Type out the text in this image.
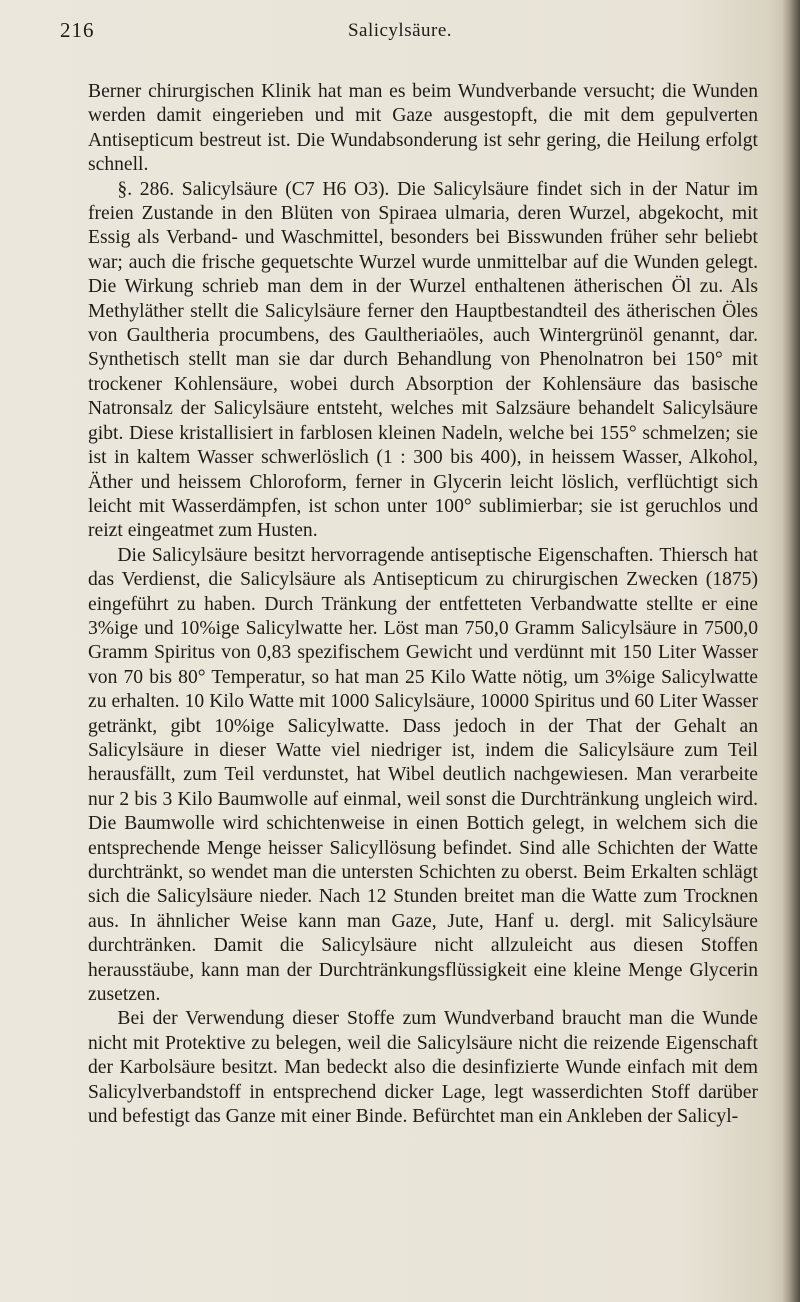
216	Salicylsäure.

Berner chirurgischen Klinik hat man es beim Wundverbande versucht; die Wunden werden damit eingerieben und mit Gaze ausgestopft, die mit dem gepulverten Antisepticum bestreut ist. Die Wundabsonderung ist sehr gering, die Heilung erfolgt schnell.

§. 286. Salicylsäure (C7 H6 O3). Die Salicylsäure findet sich in der Natur im freien Zustande in den Blüten von Spiraea ulmaria, deren Wurzel, abgekocht, mit Essig als Verband- und Waschmittel, besonders bei Bisswunden früher sehr beliebt war; auch die frische gequetschte Wurzel wurde unmittelbar auf die Wunden gelegt. Die Wirkung schrieb man dem in der Wurzel enthaltenen ätherischen Öl zu. Als Methyläther stellt die Salicylsäure ferner den Hauptbestandteil des ätherischen Öles von Gaultheria procumbens, des Gaultheriaöles, auch Wintergrünöl genannt, dar. Synthetisch stellt man sie dar durch Behandlung von Phenolnatron bei 150° mit trockener Kohlensäure, wobei durch Absorption der Kohlensäure das basische Natronsalz der Salicylsäure entsteht, welches mit Salzsäure behandelt Salicylsäure gibt. Diese kristallisiert in farblosen kleinen Nadeln, welche bei 155° schmelzen; sie ist in kaltem Wasser schwerlöslich (1 : 300 bis 400), in heissem Wasser, Alkohol, Äther und heissem Chloroform, ferner in Glycerin leicht löslich, verflüchtigt sich leicht mit Wasserdämpfen, ist schon unter 100° sublimierbar; sie ist geruchlos und reizt eingeatmet zum Husten.

Die Salicylsäure besitzt hervorragende antiseptische Eigenschaften. Thiersch hat das Verdienst, die Salicylsäure als Antisepticum zu chirurgischen Zwecken (1875) eingeführt zu haben. Durch Tränkung der entfetteten Verbandwatte stellte er eine 3%ige und 10%ige Salicylwatte her. Löst man 750,0 Gramm Salicylsäure in 7500,0 Gramm Spiritus von 0,83 spezifischem Gewicht und verdünnt mit 150 Liter Wasser von 70 bis 80° Temperatur, so hat man 25 Kilo Watte nötig, um 3%ige Salicylwatte zu erhalten. 10 Kilo Watte mit 1000 Salicylsäure, 10000 Spiritus und 60 Liter Wasser getränkt, gibt 10%ige Salicylwatte. Dass jedoch in der That der Gehalt an Salicylsäure in dieser Watte viel niedriger ist, indem die Salicylsäure zum Teil herausfällt, zum Teil verdunstet, hat Wibel deutlich nachgewiesen. Man verarbeite nur 2 bis 3 Kilo Baumwolle auf einmal, weil sonst die Durchtränkung ungleich wird. Die Baumwolle wird schichtenweise in einen Bottich gelegt, in welchem sich die entsprechende Menge heisser Salicyllösung befindet. Sind alle Schichten der Watte durchtränkt, so wendet man die untersten Schichten zu oberst. Beim Erkalten schlägt sich die Salicylsäure nieder. Nach 12 Stunden breitet man die Watte zum Trocknen aus. In ähnlicher Weise kann man Gaze, Jute, Hanf u. dergl. mit Salicylsäure durchtränken. Damit die Salicylsäure nicht allzuleicht aus diesen Stoffen herausstäube, kann man der Durchtränkungsflüssigkeit eine kleine Menge Glycerin zusetzen.

Bei der Verwendung dieser Stoffe zum Wundverband braucht man die Wunde nicht mit Protektive zu belegen, weil die Salicylsäure nicht die reizende Eigenschaft der Karbolsäure besitzt. Man bedeckt also die desinfizierte Wunde einfach mit dem Salicylverbandstoff in entsprechend dicker Lage, legt wasserdichten Stoff darüber und befestigt das Ganze mit einer Binde. Befürchtet man ein Ankleben der Salicyl-
